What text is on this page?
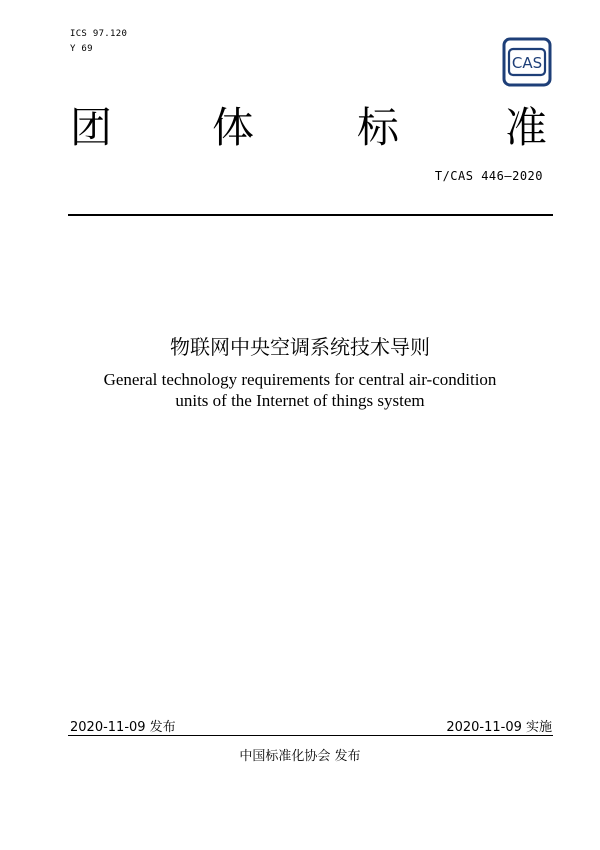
ICS 97.120
Y 69
CAS
团 体 标	准
T/CAS 446—2020
物联网中央空调系统技术导则
General technology requirements for central air-condition
units of the Internet of things system
2020-11-09 发布	2020-11-09 实施
中国标准化协会 发布
